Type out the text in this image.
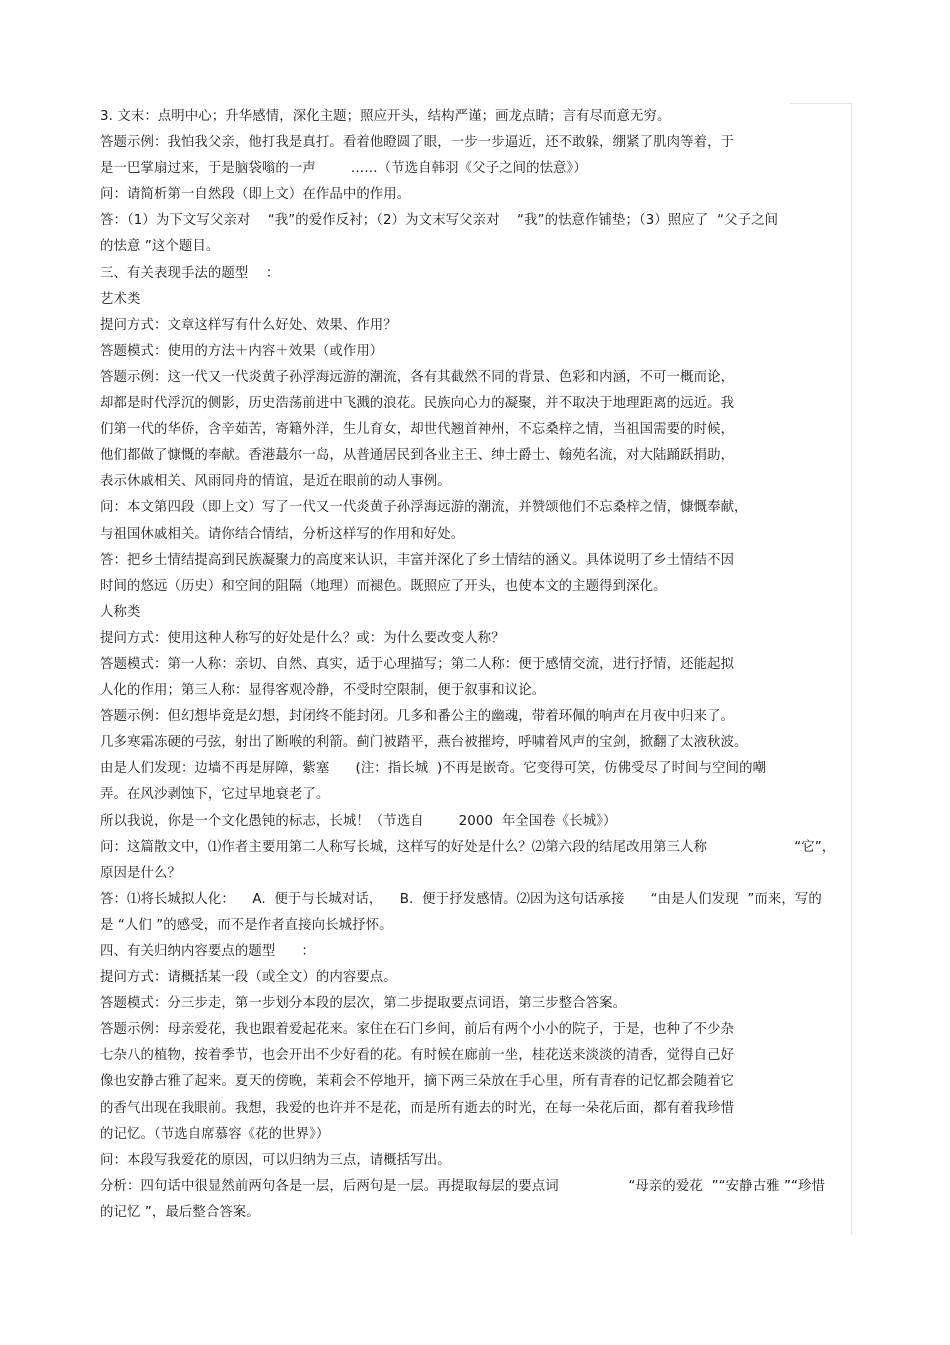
3. 文末：点明中心；升华感情，深化主题；照应开头，结构严谨；画龙点睛；言有尽而意无穷。
答题示例：我怕我父亲，他打我是真打。看着他瞪圆了眼，一步一步逼近，还不敢躲，绷紧了肌肉等着，于
是一巴掌扇过来，于是脑袋嗡的一声        ……（节选自韩羽《父子之间的怯意》）
问：请简析第一自然段（即上文）在作品中的作用。
答：（1）为下文写父亲对    “我”的爱作反衬；（2）为文末写父亲对    “我”的怯意作铺垫；（3）照应了  “父子之间
的怯意 ”这个题目。
三、有关表现手法的题型    ：
艺术类
提问方式：文章这样写有什么好处、效果、作用？
答题模式：使用的方法＋内容＋效果（或作用）
答题示例：这一代又一代炎黄子孙浮海远游的潮流，各有其截然不同的背景、色彩和内涵，不可一概而论，
却都是时代浮沉的侧影，历史浩荡前进中飞溅的浪花。民族向心力的凝聚，并不取决于地理距离的远近。我
们第一代的华侨，含辛茹苦，寄籍外洋，生儿育女，却世代翘首神州，不忘桑梓之情，当祖国需要的时候，
他们都做了慷慨的奉献。香港蕞尔一岛，从普通居民到各业主王、绅士爵士、翰苑名流，对大陆踊跃捐助，
表示休戚相关、风雨同舟的情谊，是近在眼前的动人事例。
问：本文第四段（即上文）写了一代又一代炎黄子孙浮海远游的潮流，并赞颂他们不忘桑梓之情，慷慨奉献，
与祖国休戚相关。请你结合情结，分析这样写的作用和好处。
答：把乡土情结提高到民族凝聚力的高度来认识，丰富并深化了乡土情结的涵义。具体说明了乡土情结不因
时间的悠远（历史）和空间的阻隔（地理）而褪色。既照应了开头，也使本文的主题得到深化。
人称类
提问方式：使用这种人称写的好处是什么？或：为什么要改变人称？
答题模式：第一人称：亲切、自然、真实，适于心理描写；第二人称：便于感情交流，进行抒情，还能起拟
人化的作用；第三人称：显得客观冷静，不受时空限制，便于叙事和议论。
答题示例：但幻想毕竟是幻想，封闭终不能封闭。几多和番公主的幽魂，带着环佩的响声在月夜中归来了。
几多寒霜冻硬的弓弦，射出了断喉的利箭。蓟门被踏平，燕台被摧垮，呼啸着风声的宝剑，掀翻了太液秋波。
由是人们发现：边墙不再是屏障，紫塞      (注：指长城  )不再是嵌奇。它变得可笑，仿佛受尽了时间与空间的嘲
弄。在风沙剥蚀下，它过早地衰老了。
所以我说，你是一个文化愚钝的标志，长城！（节选自        2000  年全国卷《长城》）
问：这篇散文中，⑴作者主要用第二人称写长城，这样写的好处是什么？⑵第六段的结尾改用第三人称                    “它”，
原因是什么？
答：⑴将长城拟人化：    A.  便于与长城对话，    B.  便于抒发感情。⑵因为这句话承接      “由是人们发现  ”而来，写的
是 “人们 ”的感受，而不是作者直接向长城抒怀。
四、有关归纳内容要点的题型      ：
提问方式：请概括某一段（或全文）的内容要点。
答题模式：分三步走，第一步划分本段的层次，第二步提取要点词语，第三步整合答案。
答题示例：母亲爱花，我也跟着爱起花来。家住在石门乡间，前后有两个小小的院子，于是，也种了不少杂
七杂八的植物，按着季节，也会开出不少好看的花。有时候在廊前一坐，桂花送来淡淡的清香，觉得自己好
像也安静古雅了起来。夏天的傍晚，茉莉会不停地开，摘下两三朵放在手心里，所有青春的记忆都会随着它
的香气出现在我眼前。我想，我爱的也许并不是花，而是所有逝去的时光，在每一朵花后面，都有着我珍惜
的记忆。（节选自席慕容《花的世界》）
问：本段写我爱花的原因，可以归纳为三点，请概括写出。
分析：四句话中很显然前两句各是一层，后两句是一层。再提取每层的要点词                “母亲的爱花  ”“安静古雅 ”“珍惜
的记忆 ”，最后整合答案。
